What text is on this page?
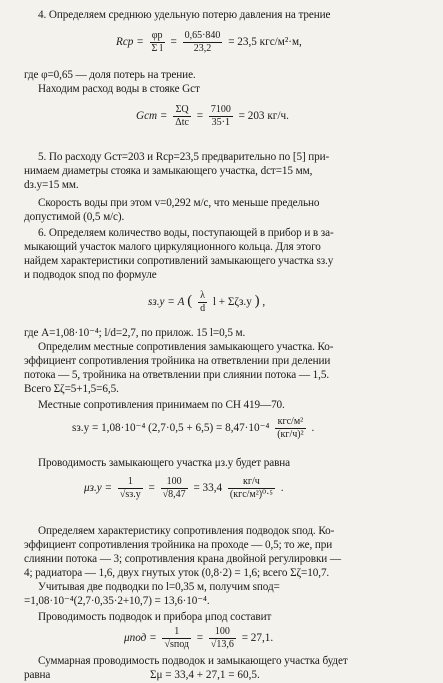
4. Определяем среднюю удельную потерю давления на трение
Rср = $\frac{\varphi p}{\text{Σ l}} = \frac{0,65\cdot 840}{23,2} = 23,5$ кгс/м²·м,
где φ=0,65 — доля потерь на трение.
Находим расход воды в стояке Gст
Gст = $\frac{\Sigma Q}{\text{Δtc}} = \frac{7100}{35\cdot 1} = 203$ кг/ч.
5. По расходу Gст=203 и Rср=23,5 предварительно по [5] при-
нимаем диаметры стояка и замыкающего участка, dст=15 мм,
dз.у=15 мм.
Скорость воды при этом v=0,292 м/с, что меньше предельно
допустимой (0,5 м/с).
6. Определяем количество воды, поступающей в прибор и в за-
мыкающий участок малого циркуляционного кольца. Для этого
найдем характеристики сопротивлений замыкающего участка sз.у
и подводок sпод по формуле
sз.у = A ( $\frac{\lambda}{d}$ l + Σζз.у ) ,
где A=1,08·10⁻⁴; l/d=2,7, по прилож. 15 l=0,5 м.
Определим местные сопротивления замыкающего участка. Ко-
эффициент сопротивления тройника на ответвлении при делении
потока — 5, тройника на ответвлении при слиянии потока — 1,5.
Всего Σζ=5+1,5=6,5.
Местные сопротивления принимаем по СН 419—70.
sз.у = 1,08·10⁻⁴ $(2,7\cdot 0,5 + 6,5) = 8,47\cdot 10^{-4} \frac{\text{кгс/м²}}{\text{(кг/ч)²}}$ .
Проводимость замыкающего участка μз.у будет равна
$\mu з.у = \frac{1}{√sз.у} = \frac{100}{√8,47} = 33,4 \frac{кг/ч}{\text{(кгс/м²)⁰·⁵}}$ .
Определяем характеристику сопротивления подводок sпод. Ко-
эффициент сопротивления тройника на проходе — 0,5; то же, при
слиянии потока — 3; сопротивления крана двойной регулировки —
4; радиатора — 1,6, двух гнутых уток (0,8·2) = 1,6; всего Σζ=10,7.
Учитывая две подводки по l=0,35 м, получим sпод=
=1,08·10⁻⁴(2,7·0,35·2+10,7) = 13,6·10⁻⁴.
Проводимость подводок и прибора μпод составит
$\mu под = \frac{1}{\text{√sпод}} = \frac{100}{√13,6} = 27,1$.
Суммарная проводимость подводок и замыкающего участка будет
равна	Σμ = 33,4 + 27,1 = 60,5.
